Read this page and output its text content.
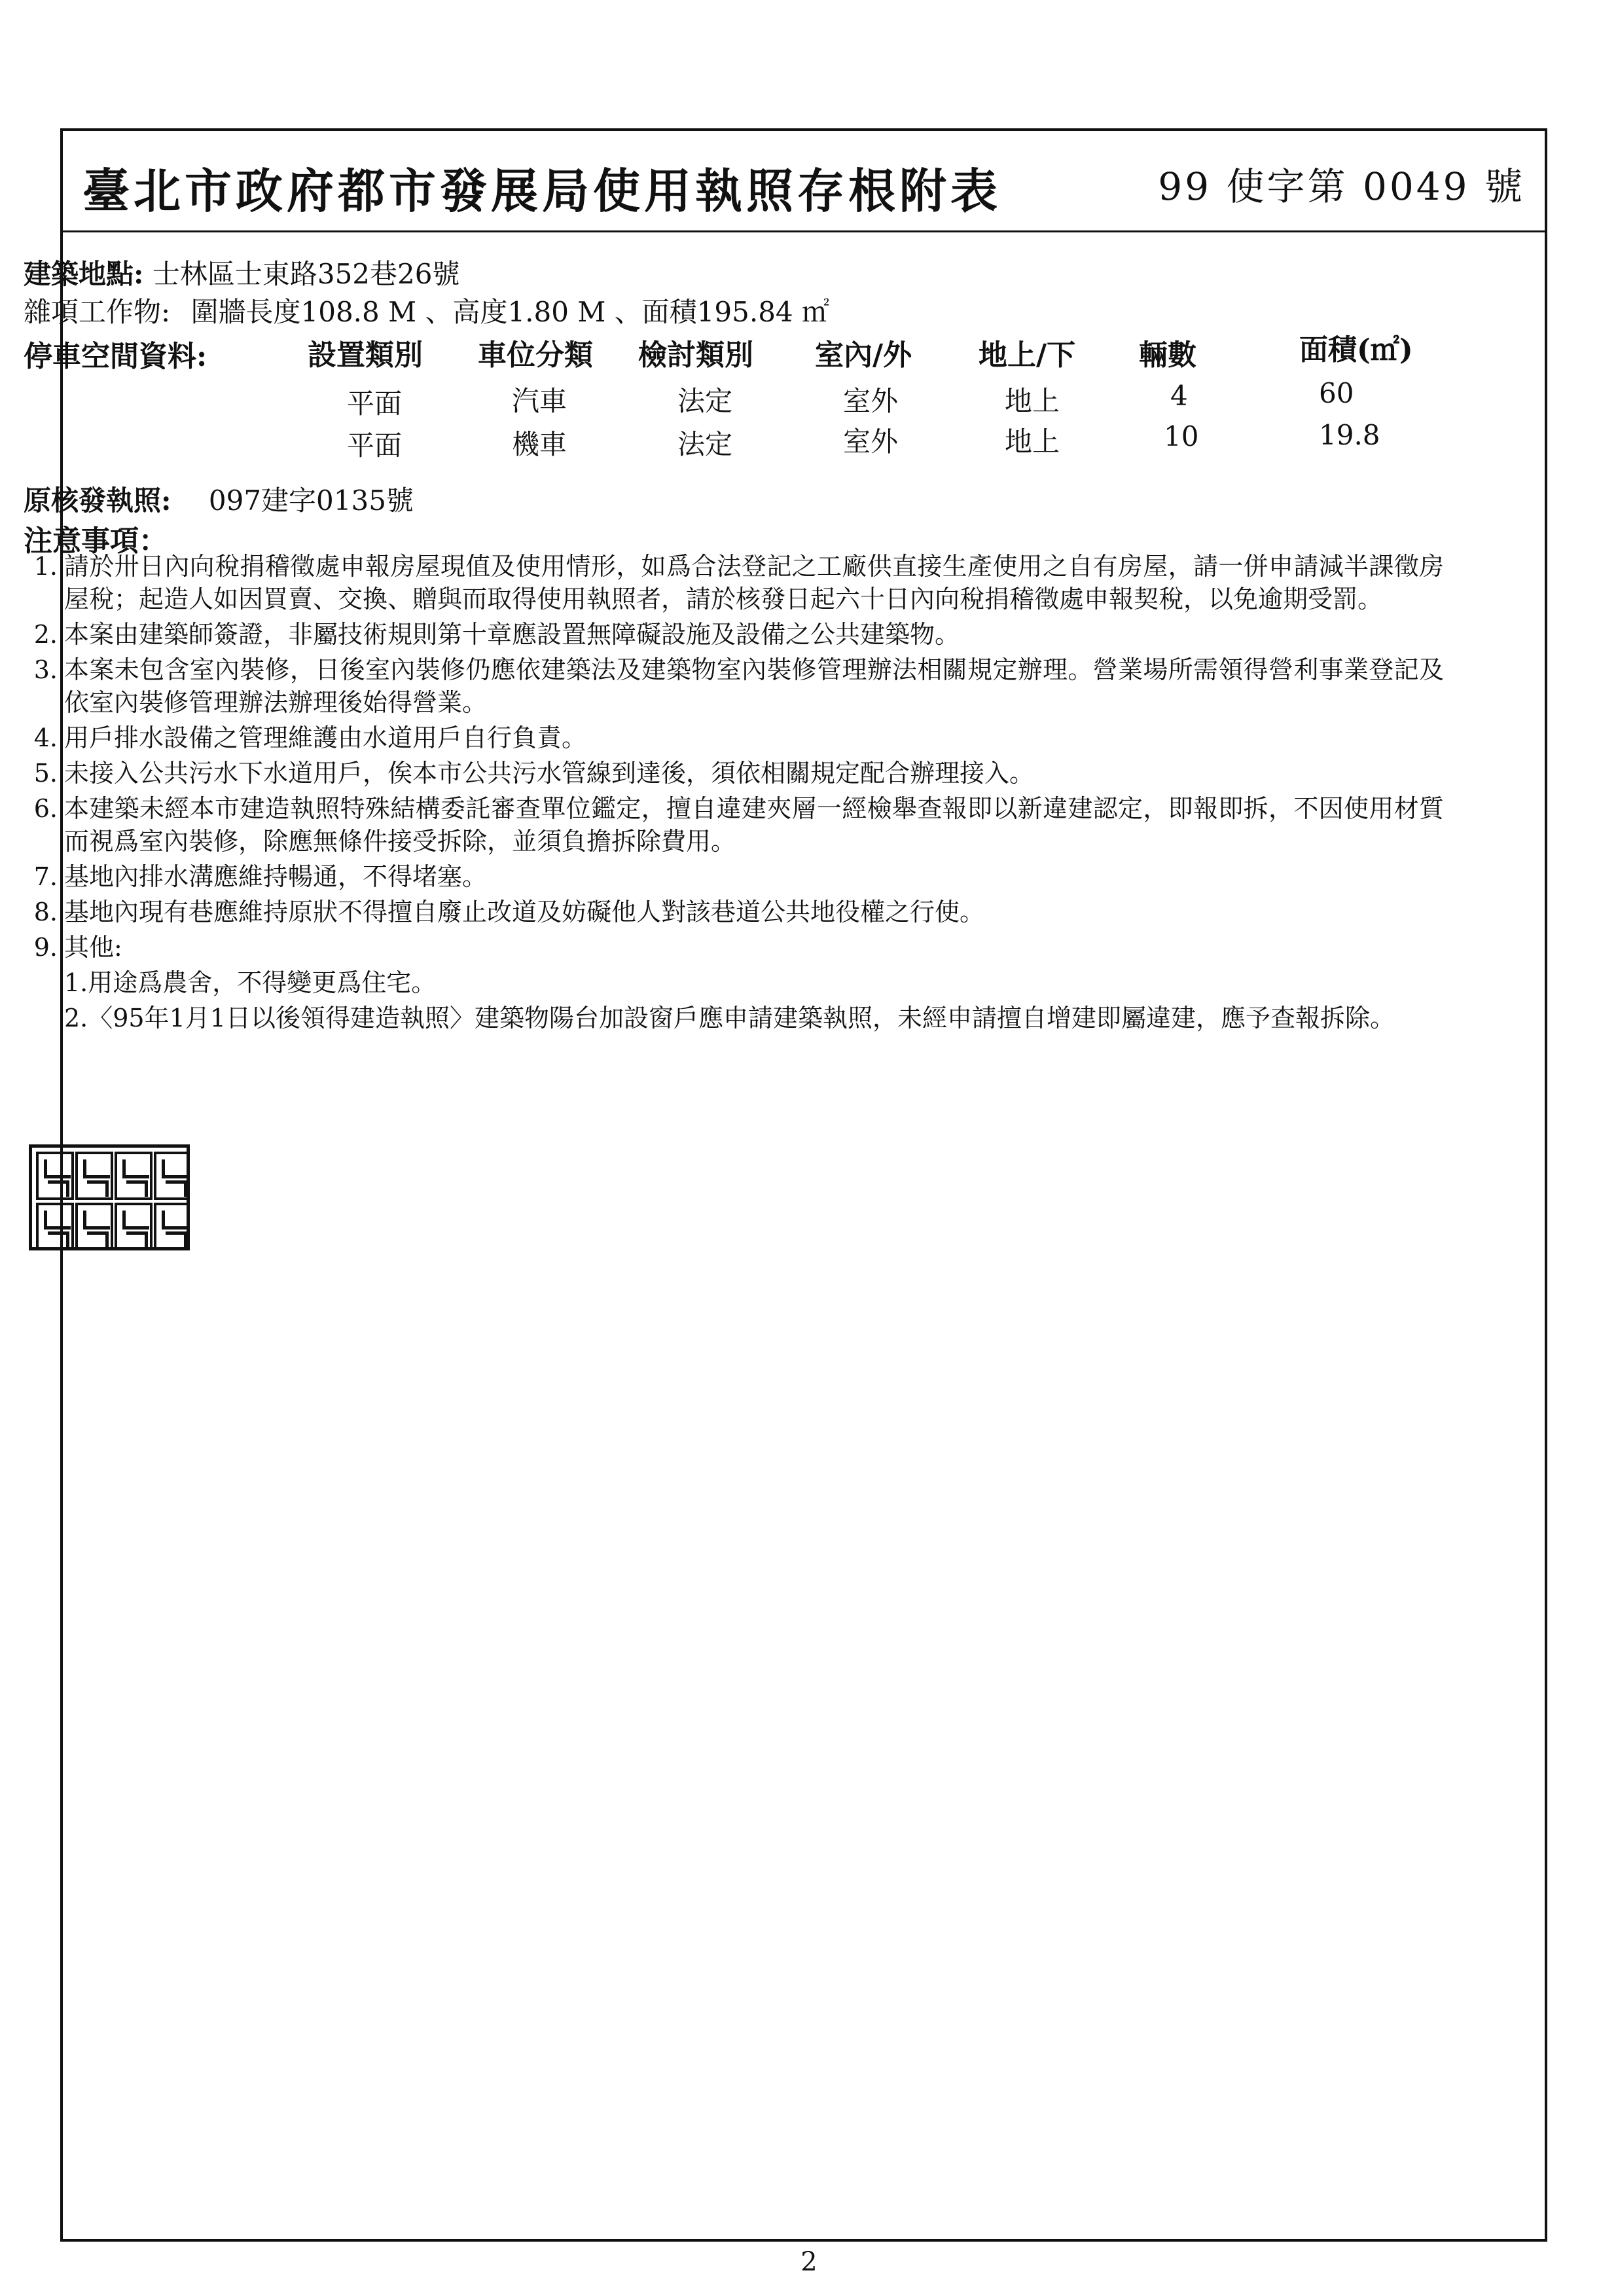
臺北市政府都市發展局使用執照存根附表	99 使字第 0049 號
建築地點: 士林區士東路352巷26號
雜項工作物: 圍牆長度108.8 M 、高度1.80 M 、面積195.84 ㎡
停車空間資料:	設置類別 車位分類 檢討類別 室內/外 地上/下 輛數	面積(㎡)
平面	汽車	法定	室外	地上	4	60
平面	機車	法定	室外	地上	10	19.8
原核發執照: 097建字0135號
注意事項：
1. 請於卅日內向稅捐稽徵處申報房屋現值及使用情形，如爲合法登記之工廠供直接生產使用之自有房屋，請一併申請減半課徵房屋稅；起造人如因買賣、交換、贈與而取得使用執照者，請於核發日起六十日內向稅捐稽徵處申報契稅，以免逾期受罰。
2. 本案由建築師簽證，非屬技術規則第十章應設置無障礙設施及設備之公共建築物。
3. 本案未包含室內裝修，日後室內裝修仍應依建築法及建築物室內裝修管理辦法相關規定辦理。營業場所需領得營利事業登記及依室內裝修管理辦法辦理後始得營業。
4. 用戶排水設備之管理維護由水道用戶自行負責。
5. 未接入公共污水下水道用戶，俟本市公共污水管線到達後，須依相關規定配合辦理接入。
6. 本建築未經本市建造執照特殊結構委託審查單位鑑定，擅自違建夾層一經檢舉查報即以新違建認定，即報即拆，不因使用材質而視爲室內裝修，除應無條件接受拆除，並須負擔拆除費用。
7. 基地內排水溝應維持暢通，不得堵塞。
8. 基地內現有巷應維持原狀不得擅自廢止改道及妨礙他人對該巷道公共地役權之行使。
9. 其他:
1.用途爲農舍，不得變更爲住宅。
2.〈95年1月1日以後領得建造執照〉建築物陽台加設窗戶應申請建築執照，未經申請擅自增建即屬違建，應予查報拆除。
2
